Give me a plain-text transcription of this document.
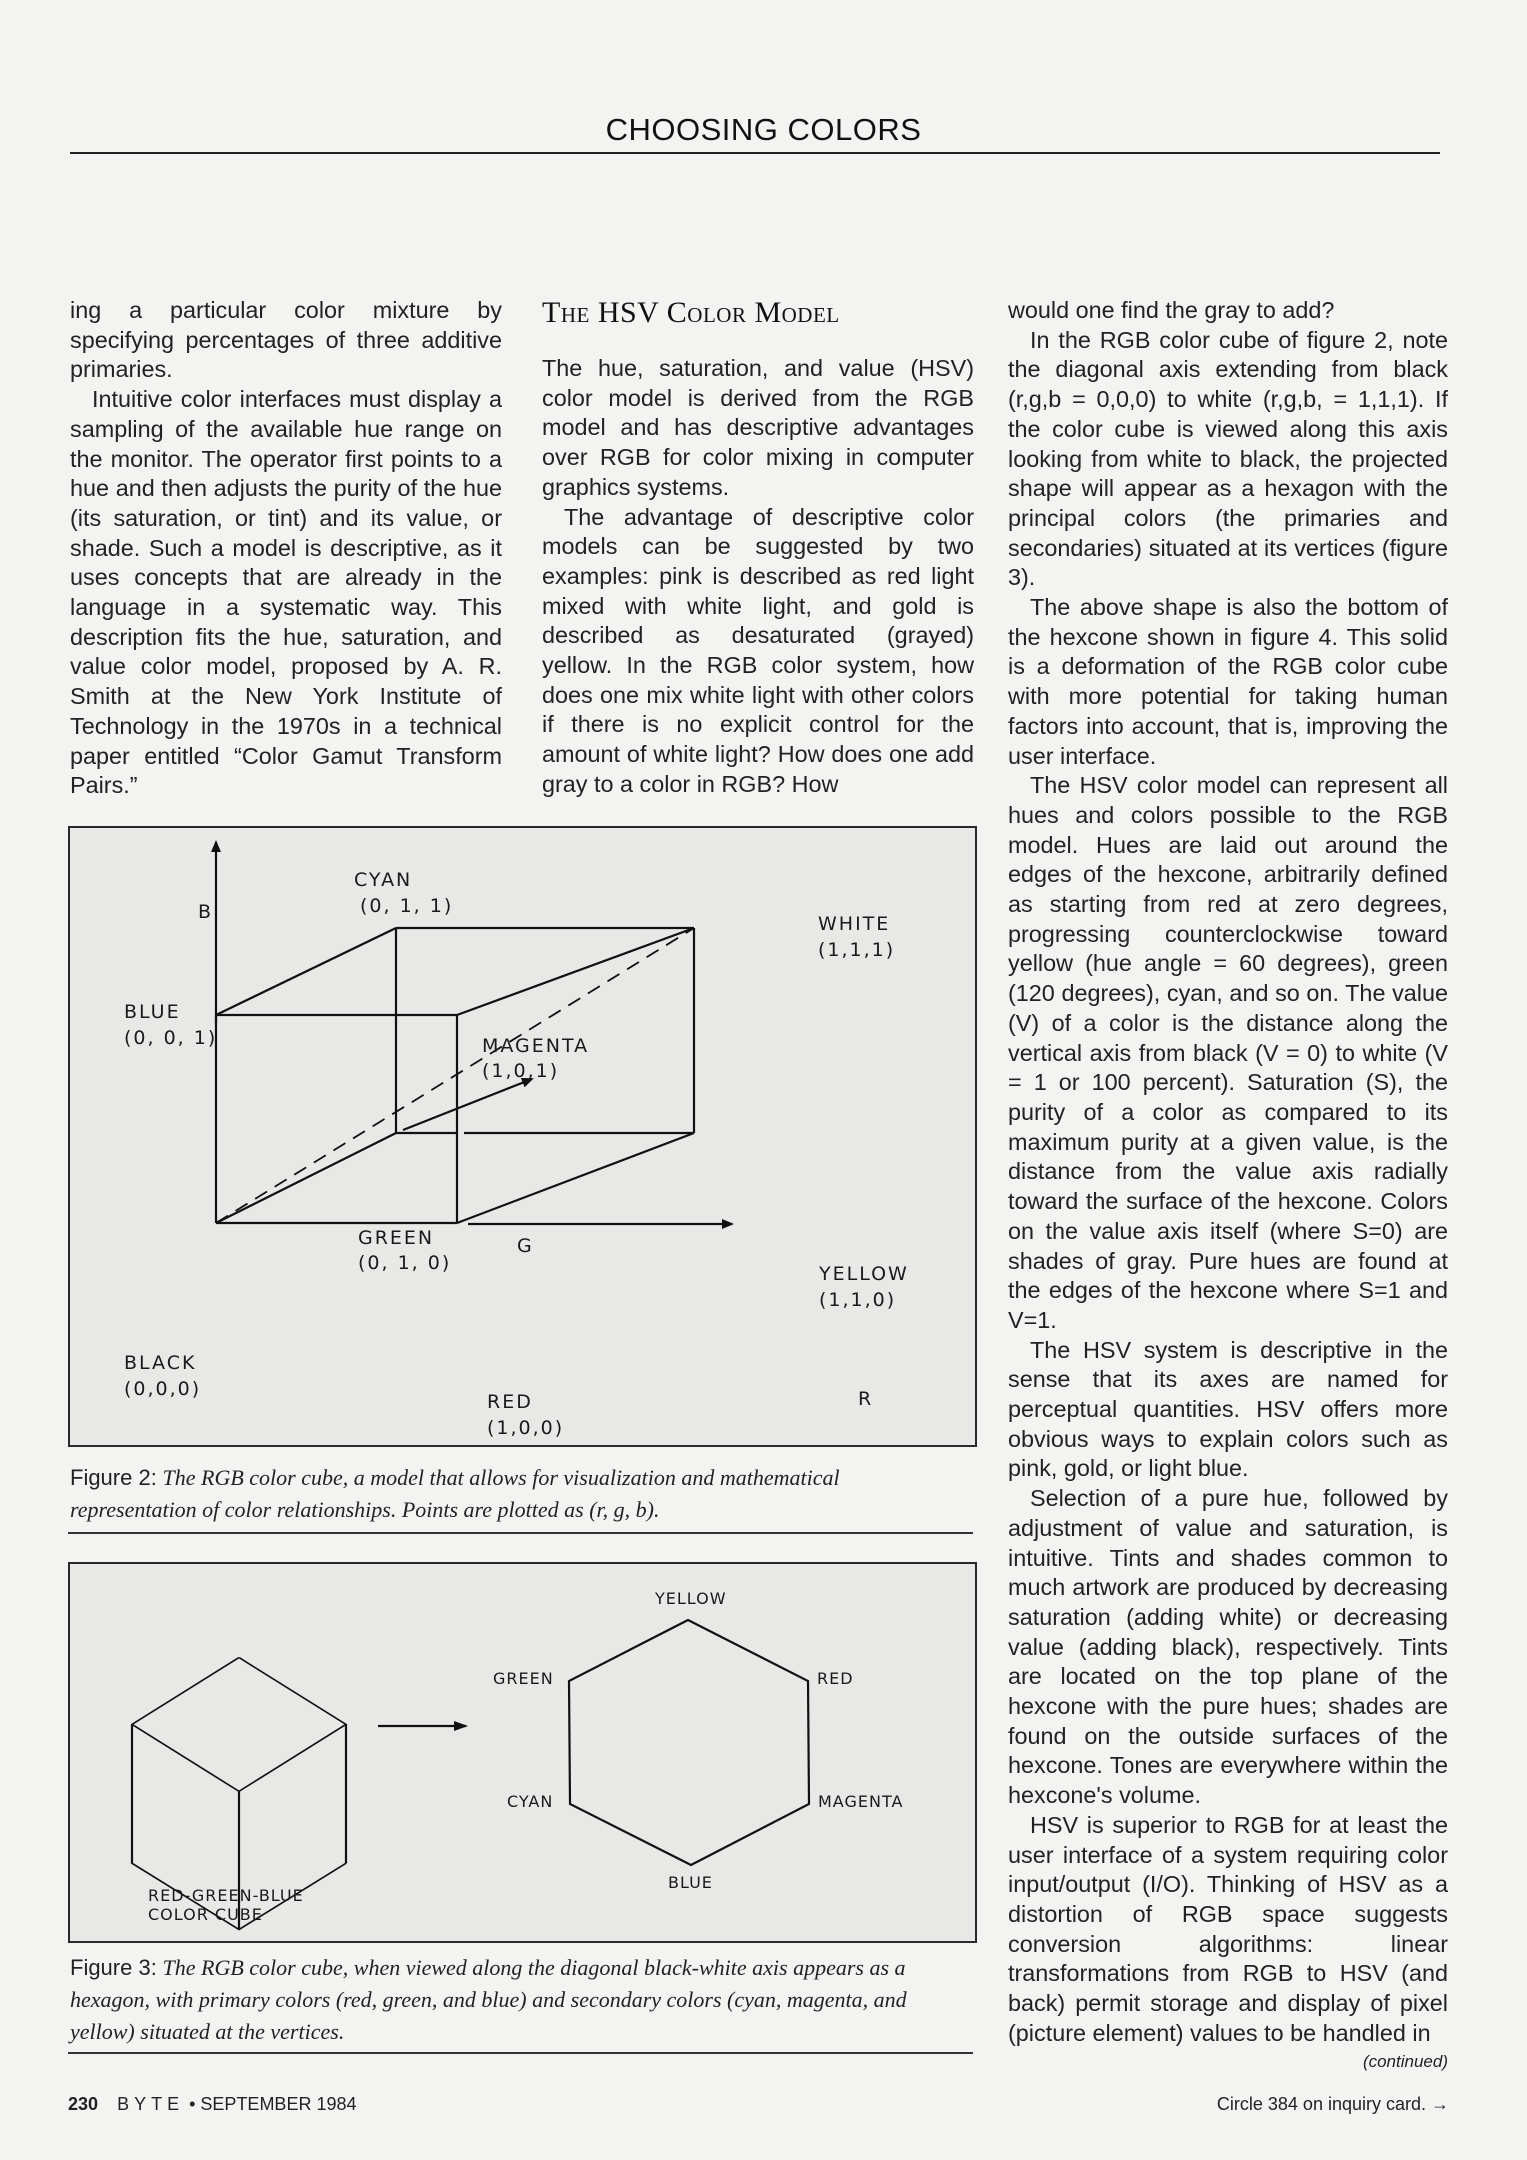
CHOOSING COLORS

ing a particular color mixture by specifying percentages of three additive primaries.

Intuitive color interfaces must display a sampling of the available hue range on the monitor. The operator first points to a hue and then adjusts the purity of the hue (its saturation, or tint) and its value, or shade. Such a model is descriptive, as it uses concepts that are already in the language in a systematic way. This description fits the hue, saturation, and value color model, proposed by A. R. Smith at the New York Institute of Technology in the 1970s in a technical paper entitled “Color Gamut Transform Pairs.”

The HSV Color Model

The hue, saturation, and value (HSV) color model is derived from the RGB model and has descriptive advantages over RGB for color mixing in computer graphics systems.

The advantage of descriptive color models can be suggested by two examples: pink is described as red light mixed with white light, and gold is described as desaturated (grayed) yellow. In the RGB color system, how does one mix white light with other colors if there is no explicit control for the amount of white light? How does one add gray to a color in RGB? How

would one find the gray to add?

In the RGB color cube of figure 2, note the diagonal axis extending from black (r,g,b = 0,0,0) to white (r,g,b, = 1,1,1). If the color cube is viewed along this axis looking from white to black, the projected shape will appear as a hexagon with the principal colors (the primaries and secondaries) situated at its vertices (figure 3).

The above shape is also the bottom of the hexcone shown in figure 4. This solid is a deformation of the RGB color cube with more potential for taking human factors into account, that is, improving the user interface.

The HSV color model can represent all hues and colors possible to the RGB model. Hues are laid out around the edges of the hexcone, arbitrarily defined as starting from red at zero degrees, progressing counterclockwise toward yellow (hue angle = 60 degrees), green (120 degrees), cyan, and so on. The value (V) of a color is the distance along the vertical axis from black (V = 0) to white (V = 1 or 100 percent). Saturation (S), the purity of a color as compared to its maximum purity at a given value, is the distance from the value axis radially toward the surface of the hexcone. Colors on the value axis itself (where S=0) are shades of gray. Pure hues are found at the edges of the hexcone where S=1 and V=1.

The HSV system is descriptive in the sense that its axes are named for perceptual quantities. HSV offers more obvious ways to explain colors such as pink, gold, or light blue.

Selection of a pure hue, followed by adjustment of value and saturation, is intuitive. Tints and shades common to much artwork are produced by decreasing saturation (adding white) or decreasing value (adding black), respectively. Tints are located on the top plane of the hexcone with the pure hues; shades are found on the outside surfaces of the hexcone. Tones are everywhere within the hexcone's volume.

HSV is superior to RGB for at least the user interface of a system requiring color input/output (I/O). Thinking of HSV as a distortion of RGB space suggests conversion algorithms: linear transformations from RGB to HSV (and back) permit storage and display of pixel (picture element) values to be handled in

(continued)
B
CYAN
(0, 1, 1)
WHITE
(1,1,1)
BLUE
(0, 0, 1)	MAGENTA
(1,0,1)
GREEN
(0, 1, 0)
G
YELLOW
(1,1,0)
BLACK
(0,0,0)
RED
(1,0,0)
R
Figure 2: The RGB color cube, a model that allows for visualization and mathematical representation of color relationships. Points are plotted as (r, g, b).
YELLOW
GREEN	RED
CYAN	MAGENTA
BLUE
RED-GREEN-BLUE
COLOR CUBE
Figure 3: The RGB color cube, when viewed along the diagonal black-white axis appears as a hexagon, with primary colors (red, green, and blue) and secondary colors (cyan, magenta, and yellow) situated at the vertices.
230 BYTE • SEPTEMBER 1984	Circle 384 on inquiry card. →
